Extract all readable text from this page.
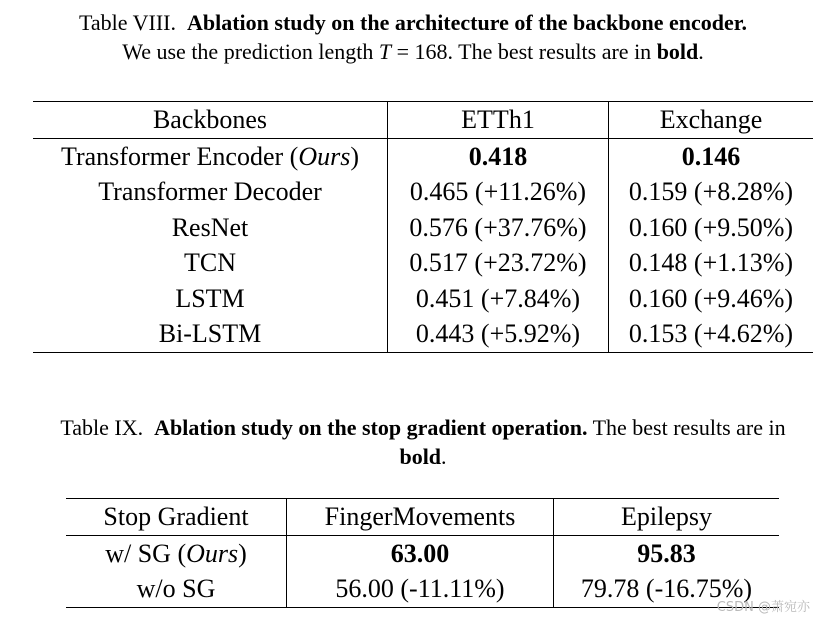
Table VIII. Ablation study on the architecture of the backbone encoder.
We use the prediction length T = 168. The best results are in bold.
Backbones	ETTh1	Exchange
Transformer Encoder (Ours)	0.418	0.146
Transformer Decoder	0.465 (+11.26%)	0.159 (+8.28%)
ResNet	0.576 (+37.76%)	0.160 (+9.50%)
TCN	0.517 (+23.72%)	0.148 (+1.13%)
LSTM	0.451 (+7.84%)	0.160 (+9.46%)
Bi-LSTM	0.443 (+5.92%)	0.153 (+4.62%)
Table IX. Ablation study on the stop gradient operation. The best results are in bold.
Stop Gradient	FingerMovements	Epilepsy
w/ SG (Ours)	63.00	95.83
w/o SG	56.00 (-11.11%)	79.78 (-16.75%)
CSDN @萧宛亦
